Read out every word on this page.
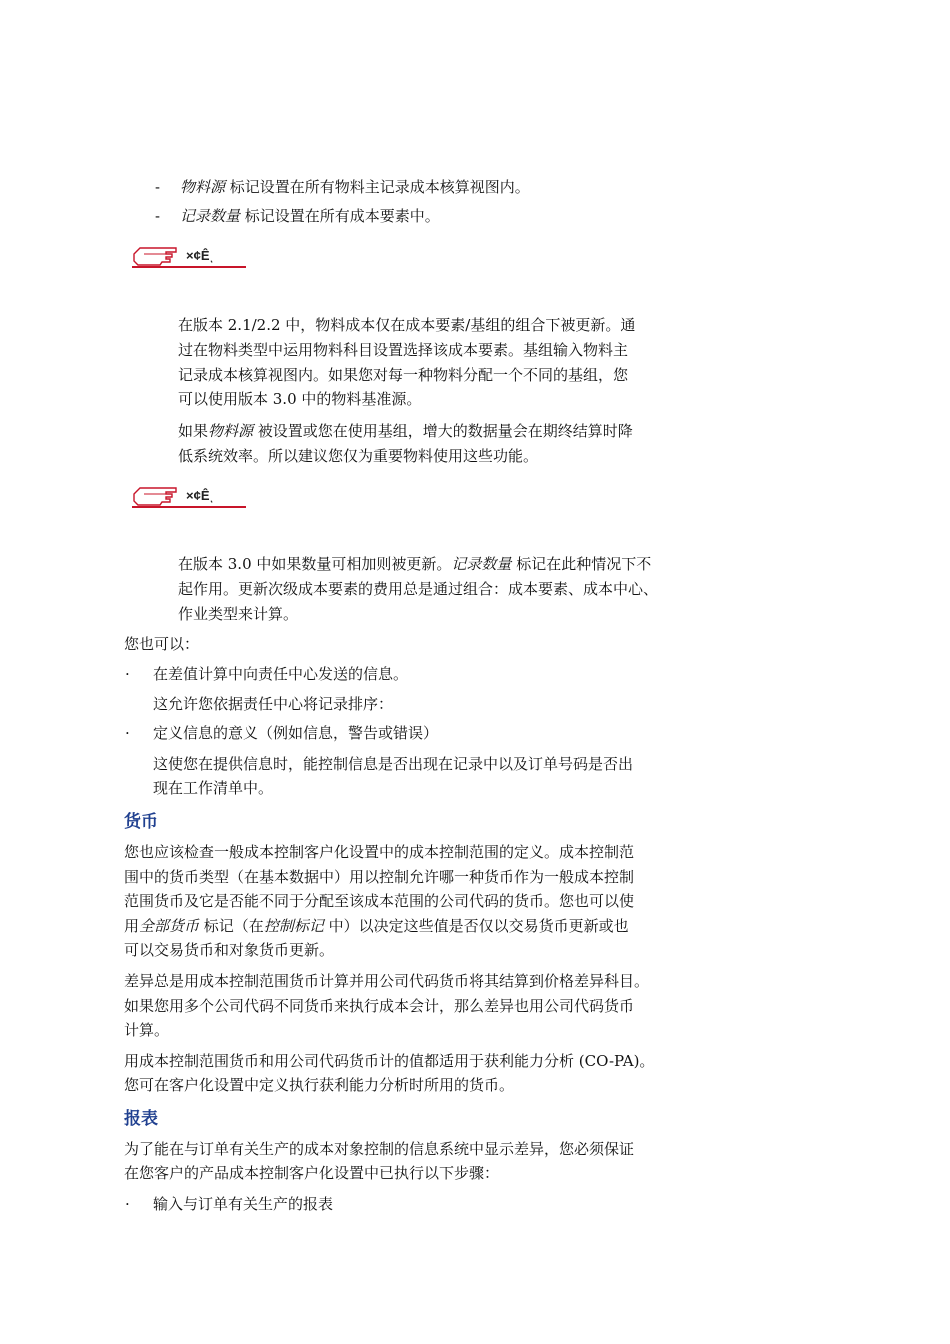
- 物料源 标记设置在所有物料主记录成本核算视图内。
- 记录数量 标记设置在所有成本要素中。
×¢Êͺ
在版本 2.1/2.2 中，物料成本仅在成本要素/基组的组合下被更新。通
过在物料类型中运用物料科目设置选择该成本要素。基组输入物料主
记录成本核算视图内。如果您对每一种物料分配一个不同的基组，您
可以使用版本 3.0 中的物料基准源。
如果物料源 被设置或您在使用基组，增大的数据量会在期终结算时降
低系统效率。所以建议您仅为重要物料使用这些功能。
×¢Êͺ
在版本 3.0 中如果数量可相加则被更新。记录数量 标记在此种情况下不
起作用。更新次级成本要素的费用总是通过组合：成本要素、成本中心、
作业类型来计算。
您也可以：
· 在差值计算中向责任中心发送的信息。
这允许您依据责任中心将记录排序：
· 定义信息的意义（例如信息，警告或错误）
这使您在提供信息时，能控制信息是否出现在记录中以及订单号码是否出
现在工作清单中。
货币
您也应该检查一般成本控制客户化设置中的成本控制范围的定义。成本控制范
围中的货币类型（在基本数据中）用以控制允许哪一种货币作为一般成本控制
范围货币及它是否能不同于分配至该成本范围的公司代码的货币。您也可以使
用全部货币 标记（在控制标记 中）以决定这些值是否仅以交易货币更新或也
可以交易货币和对象货币更新。
差异总是用成本控制范围货币计算并用公司代码货币将其结算到价格差异科目。
如果您用多个公司代码不同货币来执行成本会计，那么差异也用公司代码货币
计算。
用成本控制范围货币和用公司代码货币计的值都适用于获利能力分析 (CO-PA)。
您可在客户化设置中定义执行获利能力分析时所用的货币。
报表
为了能在与订单有关生产的成本对象控制的信息系统中显示差异，您必须保证
在您客户的产品成本控制客户化设置中已执行以下步骤：
· 输入与订单有关生产的报表
